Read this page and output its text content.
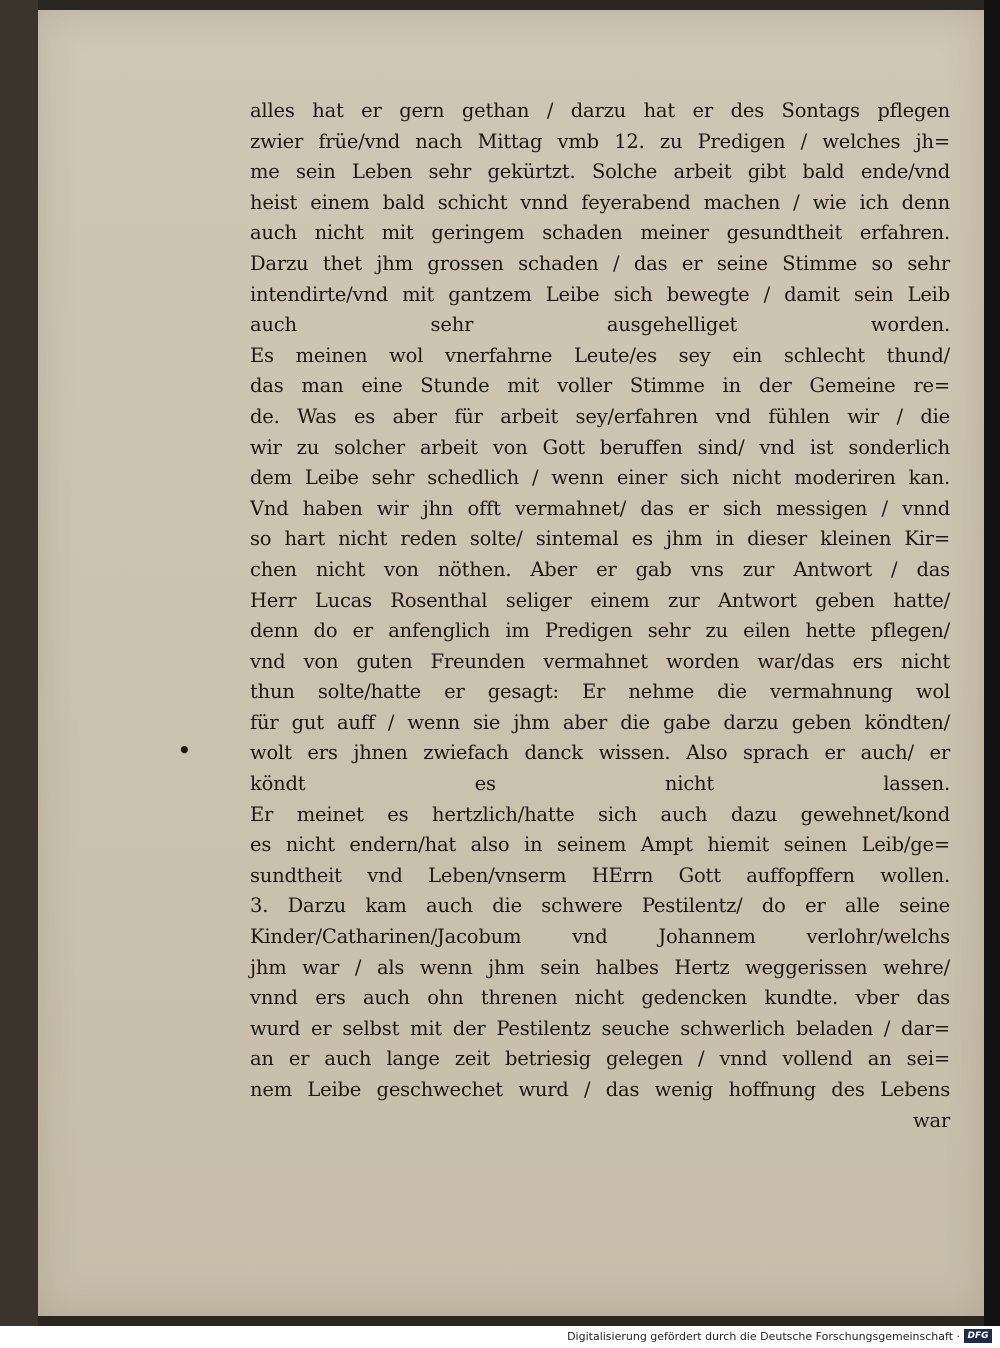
•
alles hat er gern gethan / darzu hat er des Sontags pflegen
zwier früe/vnd nach Mittag vmb 12. zu Predigen / welches jh=
me sein Leben sehr gekürtzt. Solche arbeit gibt bald ende/vnd
heist einem bald schicht vnnd feyerabend machen / wie ich denn
auch nicht mit geringem schaden meiner gesundtheit erfahren.
Darzu thet jhm grossen schaden / das er seine Stimme so sehr
intendirte/vnd mit gantzem Leibe sich bewegte / damit sein Leib
auch sehr ausgehelliget worden.
Es meinen wol vnerfahrne Leute/es sey ein schlecht thund/
das man eine Stunde mit voller Stimme in der Gemeine re=
de. Was es aber für arbeit sey/erfahren vnd fühlen wir / die
wir zu solcher arbeit von Gott beruffen sind/ vnd ist sonderlich
dem Leibe sehr schedlich / wenn einer sich nicht moderiren kan.
Vnd haben wir jhn offt vermahnet/ das er sich messigen / vnnd
so hart nicht reden solte/ sintemal es jhm in dieser kleinen Kir=
chen nicht von nöthen. Aber er gab vns zur Antwort / das
Herr Lucas Rosenthal seliger einem zur Antwort geben hatte/
denn do er anfenglich im Predigen sehr zu eilen hette pflegen/
vnd von guten Freunden vermahnet worden war/das ers nicht
thun solte/hatte er gesagt: Er nehme die vermahnung wol
für gut auff / wenn sie jhm aber die gabe darzu geben köndten/
wolt ers jhnen zwiefach danck wissen. Also sprach er auch/ er
köndt es nicht lassen.
Er meinet es hertzlich/hatte sich auch dazu gewehnet/kond
es nicht endern/hat also in seinem Ampt hiemit seinen Leib/ge=
sundtheit vnd Leben/vnserm HErrn Gott auffopffern wollen.
3. Darzu kam auch die schwere Pestilentz/ do er alle seine
Kinder/Catharinen/Jacobum vnd Johannem verlohr/welchs
jhm war / als wenn jhm sein halbes Hertz weggerissen wehre/
vnnd ers auch ohn threnen nicht gedencken kundte. vber das
wurd er selbst mit der Pestilentz seuche schwerlich beladen / dar=
an er auch lange zeit betriesig gelegen / vnnd vollend an sei=
nem Leibe geschwechet wurd / das wenig hoffnung des Lebens
war
Digitalisierung gefördert durch die Deutsche Forschungsgemeinschaft · DFG
